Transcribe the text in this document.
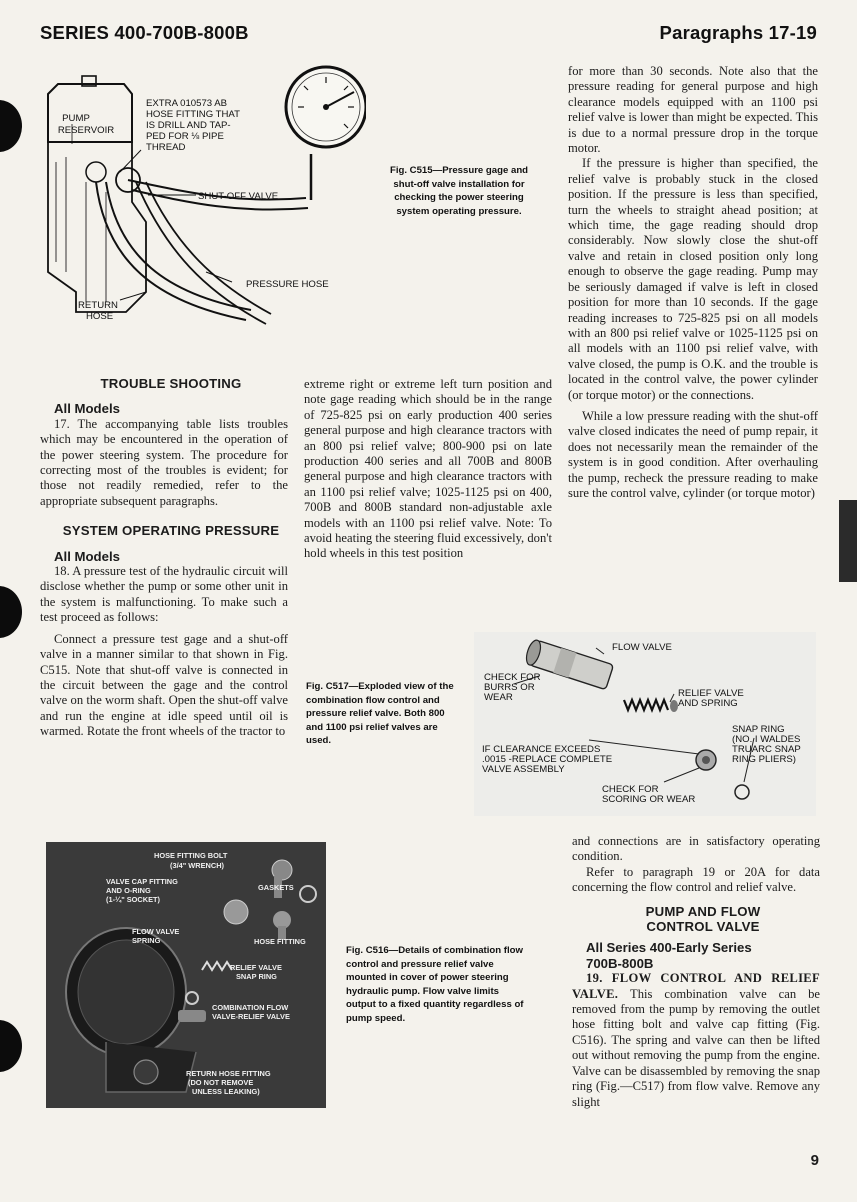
SERIES 400-700B-800B	Paragraphs 17-19
PUMP
RESERVOIR
EXTRA 010573 AB
HOSE FITTING THAT
IS DRILL AND TAP-
PED FOR ⅛ PIPE
THREAD
SHUT-OFF VALVE
PRESSURE HOSE
RETURN
HOSE
Fig. C515—Pressure gage and shut-off valve installation for checking the power steering system operating pressure.

TROUBLE SHOOTING

All Models

17. The accompanying table lists troubles which may be encountered in the operation of the power steering system. The procedure for correcting most of the troubles is evident; for those not readily remedied, refer to the appropriate subsequent paragraphs.

SYSTEM OPERATING PRESSURE

All Models

18. A pressure test of the hydraulic circuit will disclose whether the pump or some other unit in the system is malfunctioning. To make such a test proceed as follows:

Connect a pressure test gage and a shut-off valve in a manner similar to that shown in Fig. C515. Note that shut-off valve is connected in the circuit between the gage and the control valve on the worm shaft. Open the shut-off valve and run the engine at idle speed until oil is warmed. Rotate the front wheels of the tractor to

extreme right or extreme left turn position and note gage reading which should be in the range of 725-825 psi on early production 400 series general purpose and high clearance tractors with an 800 psi relief valve; 800-900 psi on late production 400 series and all 700B and 800B general purpose and high clearance tractors with an 1100 psi relief valve; 1025-1125 psi on 400, 700B and 800B standard non-adjustable axle models with an 1100 psi relief valve. Note: To avoid heating the steering fluid excessively, don't hold wheels in this test position

for more than 30 seconds. Note also that the pressure reading for general purpose and high clearance models equipped with an 1100 psi relief valve is lower than might be expected. This is due to a normal pressure drop in the torque motor.

If the pressure is higher than specified, the relief valve is probably stuck in the closed position. If the pressure is less than specified, turn the wheels to straight ahead position; at which time, the gage reading should drop considerably. Now slowly close the shut-off valve and retain in closed position only long enough to observe the gage reading. Pump may be seriously damaged if valve is left in closed position for more than 10 seconds. If the gage reading increases to 725-825 psi on all models with an 800 psi relief valve or 1025-1125 psi on all models with an 1100 psi relief valve, with valve closed, the pump is O.K. and the trouble is located in the control valve, the power cylinder (or torque motor) or the connections.

While a low pressure reading with the shut-off valve closed indicates the need of pump repair, it does not necessarily mean the remainder of the system is in good condition. After overhauling the pump, recheck the pressure reading to make sure the control valve, cylinder (or torque motor)

Fig. C517—Exploded view of the combination flow control and pressure relief valve. Both 800 and 1100 psi relief valves are used.
FLOW VALVE
CHECK FOR
BURRS OR
WEAR	RELIEF VALVE
AND SPRING
SNAP RING
(NO. I WALDES
TRUARC SNAP
RING PLIERS)
IF CLEARANCE EXCEEDS
.0015 -REPLACE COMPLETE
VALVE ASSEMBLY
CHECK FOR
SCORING OR WEAR
HOSE FITTING BOLT
(3/4" WRENCH)
VALVE CAP FITTING
AND O-RING
(1-¼" SOCKET)
GASKETS
FLOW VALVE
SPRING	HOSE FITTING
RELIEF VALVE
SNAP RING
COMBINATION FLOW
VALVE-RELIEF VALVE
RETURN HOSE FITTING
(DO NOT REMOVE
UNLESS LEAKING)
Fig. C516—Details of combination flow control and pressure relief valve mounted in cover of power steering hydraulic pump. Flow valve limits output to a fixed quantity regardless of pump speed.

and connections are in satisfactory operating condition.

Refer to paragraph 19 or 20A for data concerning the flow control and relief valve.

PUMP AND FLOW

CONTROL VALVE

All Series 400-Early Series

700B-800B

19. FLOW CONTROL AND RELIEF VALVE. This combination valve can be removed from the pump by removing the outlet hose fitting bolt and valve cap fitting (Fig. C516). The spring and valve can then be lifted out without removing the pump from the engine. Valve can be disassembled by removing the snap ring (Fig.—C517) from flow valve. Remove any slight

9
